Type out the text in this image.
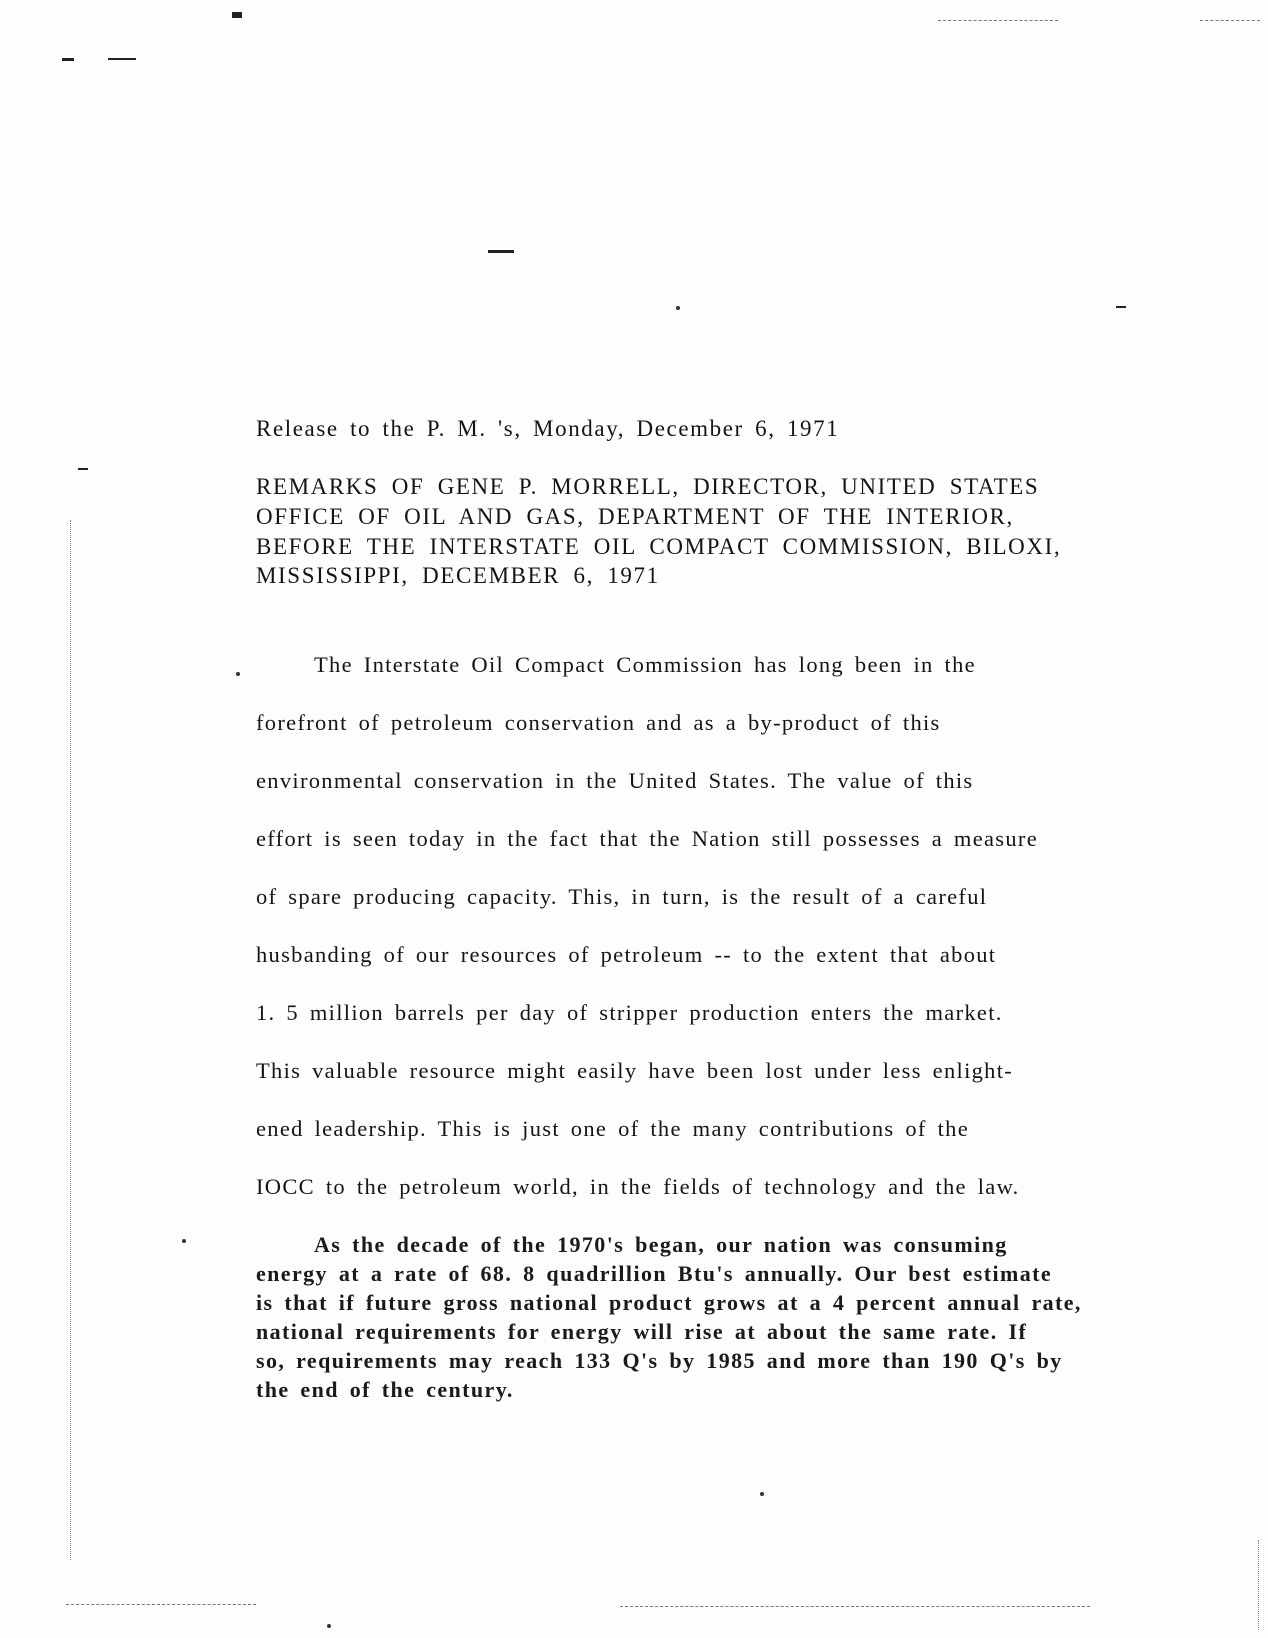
Release to the P. M. 's, Monday, December 6, 1971
REMARKS OF GENE P. MORRELL, DIRECTOR, UNITED STATES
OFFICE OF OIL AND GAS, DEPARTMENT OF THE INTERIOR,
BEFORE THE INTERSTATE OIL COMPACT COMMISSION, BILOXI,
MISSISSIPPI, DECEMBER 6, 1971
The Interstate Oil Compact Commission has long been in the
forefront of petroleum conservation and as a by-product of this
environmental conservation in the United States. The value of this
effort is seen today in the fact that the Nation still possesses a measure
of spare producing capacity. This, in turn, is the result of a careful
husbanding of our resources of petroleum -- to the extent that about
1. 5 million barrels per day of stripper production enters the market.
This valuable resource might easily have been lost under less enlight-
ened leadership. This is just one of the many contributions of the
IOCC to the petroleum world, in the fields of technology and the law.
As the decade of the 1970's began, our nation was consuming
energy at a rate of 68. 8 quadrillion Btu's annually. Our best estimate
is that if future gross national product grows at a 4 percent annual rate,
national requirements for energy will rise at about the same rate. If
so, requirements may reach 133 Q's by 1985 and more than 190 Q's by
the end of the century.
